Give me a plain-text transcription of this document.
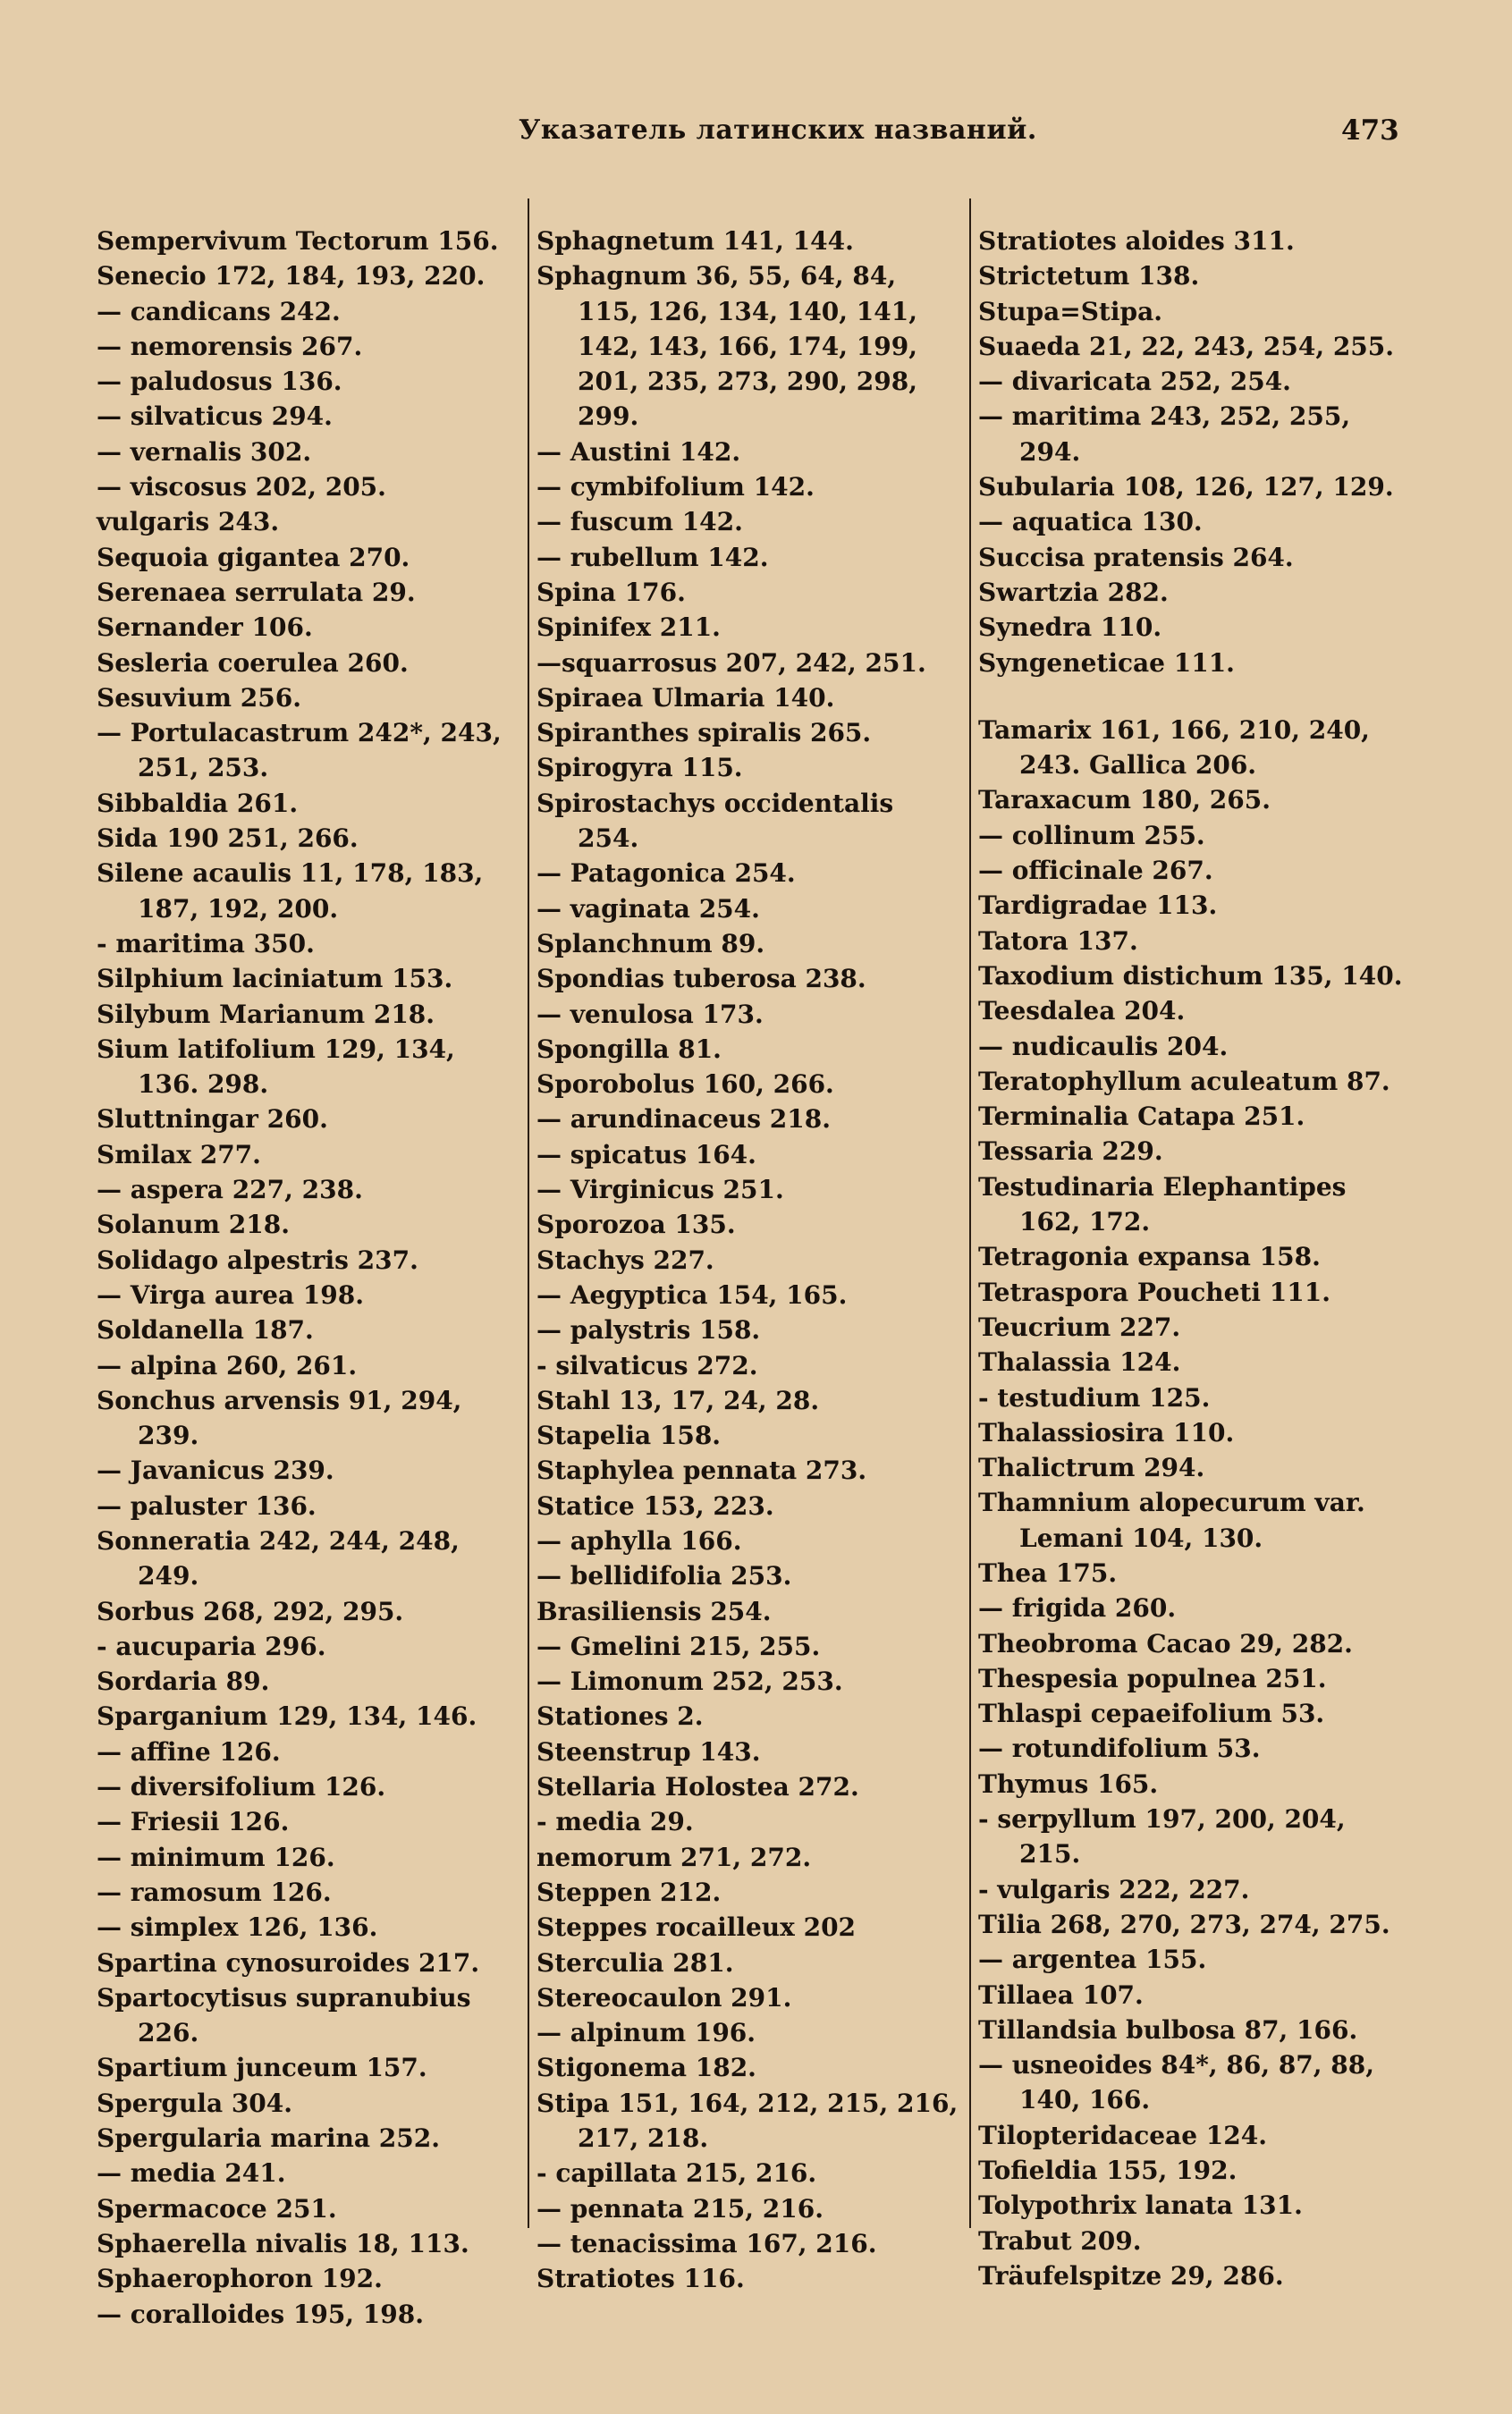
Указатель латинских названий.	473

Sempervivum Tectorum 156.

Senecio 172, 184, 193, 220.

— candicans 242.

— nemorensis 267.

— paludosus 136.

— silvaticus 294.

— vernalis 302.

— viscosus 202, 205.

vulgaris 243.

Sequoia gigantea 270.

Serenaea serrulata 29.

Sernander 106.

Sesleria coerulea 260.

Sesuvium 256.

— Portulacastrum 242*, 243, 251, 253.

Sibbaldia 261.

Sida 190 251, 266.

Silene acaulis 11, 178, 183, 187, 192, 200.

- maritima 350.

Silphium laciniatum 153.

Silybum Marianum 218.

Sium latifolium 129, 134, 136. 298.

Sluttningar 260.

Smilax 277.

— aspera 227, 238.

Solanum 218.

Solidago alpestris 237.

— Virga aurea 198.

Soldanella 187.

— alpina 260, 261.

Sonchus arvensis 91, 294, 239.

— Javanicus 239.

— paluster 136.

Sonneratia 242, 244, 248, 249.

Sorbus 268, 292, 295.

- aucuparia 296.

Sordaria 89.

Sparganium 129, 134, 146.

— affine 126.

— diversifolium 126.

— Friesii 126.

— minimum 126.

— ramosum 126.

— simplex 126, 136.

Spartina cynosuroides 217.

Spartocytisus supranubius 226.

Spartium junceum 157.

Spergula 304.

Spergularia marina 252.

— media 241.

Spermacoce 251.

Sphaerella nivalis 18, 113.

Sphaerophoron 192.

— coralloides 195, 198.

Sphagnetum 141, 144.

Sphagnum 36, 55, 64, 84, 115, 126, 134, 140, 141, 142, 143, 166, 174, 199, 201, 235, 273, 290, 298, 299.

— Austini 142.

— cymbifolium 142.

— fuscum 142.

— rubellum 142.

Spina 176.

Spinifex 211.

—squarrosus 207, 242, 251.

Spiraea Ulmaria 140.

Spiranthes spiralis 265.

Spirogyra 115.

Spirostachys occidentalis 254.

— Patagonica 254.

— vaginata 254.

Splanchnum 89.

Spondias tuberosa 238.

— venulosa 173.

Spongilla 81.

Sporobolus 160, 266.

— arundinaceus 218.

— spicatus 164.

— Virginicus 251.

Sporozoa 135.

Stachys 227.

— Aegyptica 154, 165.

— palystris 158.

- silvaticus 272.

Stahl 13, 17, 24, 28.

Stapelia 158.

Staphylea pennata 273.

Statice 153, 223.

— aphylla 166.

— bellidifolia 253.

Brasiliensis 254.

— Gmelini 215, 255.

— Limonum 252, 253.

Stationes 2.

Steenstrup 143.

Stellaria Holostea 272.

- media 29.

nemorum 271, 272.

Steppen 212.

Steppes rocailleux 202

Sterculia 281.

Stereocaulon 291.

— alpinum 196.

Stigonema 182.

Stipa 151, 164, 212, 215, 216, 217, 218.

- capillata 215, 216.

— pennata 215, 216.

— tenacissima 167, 216.

Stratiotes 116.

Stratiotes aloides 311.

Strictetum 138.

Stupa=Stipa.

Suaeda 21, 22, 243, 254, 255.

— divaricata 252, 254.

— maritima 243, 252, 255, 294.

Subularia 108, 126, 127, 129.

— aquatica 130.

Succisa pratensis 264.

Swartzia 282.

Synedra 110.

Syngeneticae 111.

Tamarix 161, 166, 210, 240, 243. Gallica 206.

Taraxacum 180, 265.

— collinum 255.

— officinale 267.

Tardigradae 113.

Tatora 137.

Taxodium distichum 135, 140.

Teesdalea 204.

— nudicaulis 204.

Teratophyllum aculeatum 87.

Terminalia Catapa 251.

Tessaria 229.

Testudinaria Elephantipes 162, 172.

Tetragonia expansa 158.

Tetraspora Poucheti 111.

Teucrium 227.

Thalassia 124.

- testudium 125.

Thalassiosira 110.

Thalictrum 294.

Thamnium alopecurum var. Lemani 104, 130.

Thea 175.

— frigida 260.

Theobroma Cacao 29, 282.

Thespesia populnea 251.

Thlaspi cepaeifolium 53.

— rotundifolium 53.

Thymus 165.

- serpyllum 197, 200, 204, 215.

- vulgaris 222, 227.

Tilia 268, 270, 273, 274, 275.

— argentea 155.

Tillaea 107.

Tillandsia bulbosa 87, 166.

— usneoides 84*, 86, 87, 88, 140, 166.

Tilopteridaceae 124.

Tofieldia 155, 192.

Tolypothrix lanata 131.

Trabut 209.

Träufelspitze 29, 286.
